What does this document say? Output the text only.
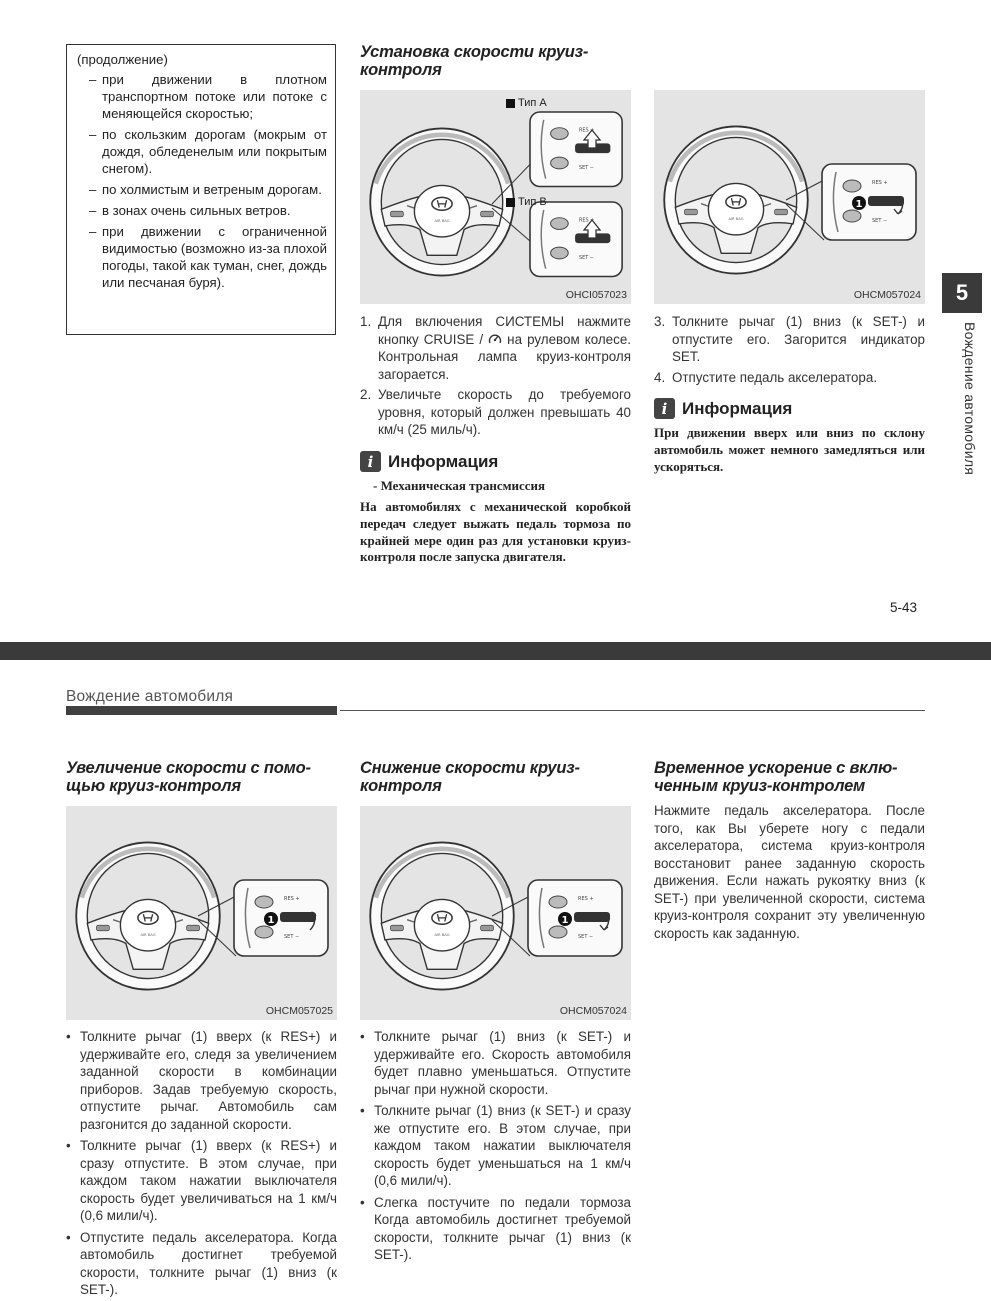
(продолжение)
– при движении в плотном транспортном потоке или потоке с меняющейся скоростью;
– по скользким дорогам (мокрым от дождя, обледенелым или покрытым снегом).
– по холмистым и ветреным дорогам.
– в зонах очень сильных ветров.
– при движении с ограниченной видимостью (возможно из-за плохой погоды, такой как туман, снег, дождь или песчаная буря).
Установка скорости круиз-
контроля
Тип A
Тип B
OHCI057023
1. Для включения СИСТЕМЫ нажмите кнопку CRUISE /  на рулевом колесе. Контрольная лампа круиз-контроля загорается.
2. Увеличьте скорость до требуемого уровня, который должен превышать 40 км/ч (25 миль/ч).
i Информация
- Механическая трансмиссия
На автомобилях с механической коробкой передач следует выжать педаль тормоза по крайней мере один раз для установки круиз-контроля после запуска двигателя.
1
OHCM057024
3. Толкните рычаг (1) вниз (к SET-) и отпустите его. Загорится индикатор SET.
4. Отпустите педаль акселератора.
i Информация
При движении вверх или вниз по склону автомобиль может немного замедляться или ускоряться.
5-43
5
Вождение автомобиля
Вождение автомобиля
Увеличение скорости с помо-
щью круиз-контроля
1
OHCM057025
• Толкните рычаг (1) вверх (к RES+) и удерживайте его, следя за увеличением заданной скорости в комбинации приборов. Задав требуемую скорость, отпустите рычаг. Автомобиль сам разгонится до заданной скорости.
• Толкните рычаг (1) вверх (к RES+) и сразу отпустите. В этом случае, при каждом таком нажатии выключателя скорость будет увеличиваться на 1 км/ч (0,6 мили/ч).
• Отпустите педаль акселератора. Когда автомобиль достигнет требуемой скорости, толкните рычаг (1) вниз (к SET-).
Снижение скорости круиз-
контроля
1
OHCM057024
• Толкните рычаг (1) вниз (к SET-) и удерживайте его. Скорость автомобиля будет плавно уменьшаться. Отпустите рычаг при нужной скорости.
• Толкните рычаг (1) вниз (к SET-) и сразу же отпустите его. В этом случае, при каждом таком нажатии выключателя скорость будет уменьшаться на 1 км/ч (0,6 мили/ч).
• Слегка постучите по педали тормоза Когда автомобиль достигнет требуемой скорости, толкните рычаг (1) вниз (к SET-).
Временное ускорение с вклю-
ченным круиз-контролем
Нажмите педаль акселератора. После того, как Вы уберете ногу с педали акселератора, система круиз-контроля восстановит ранее заданную скорость движения. Если нажать рукоятку вниз (к SET-) при увеличенной скорости, система круиз-контроля сохранит эту увеличенную скорость как заданную.
